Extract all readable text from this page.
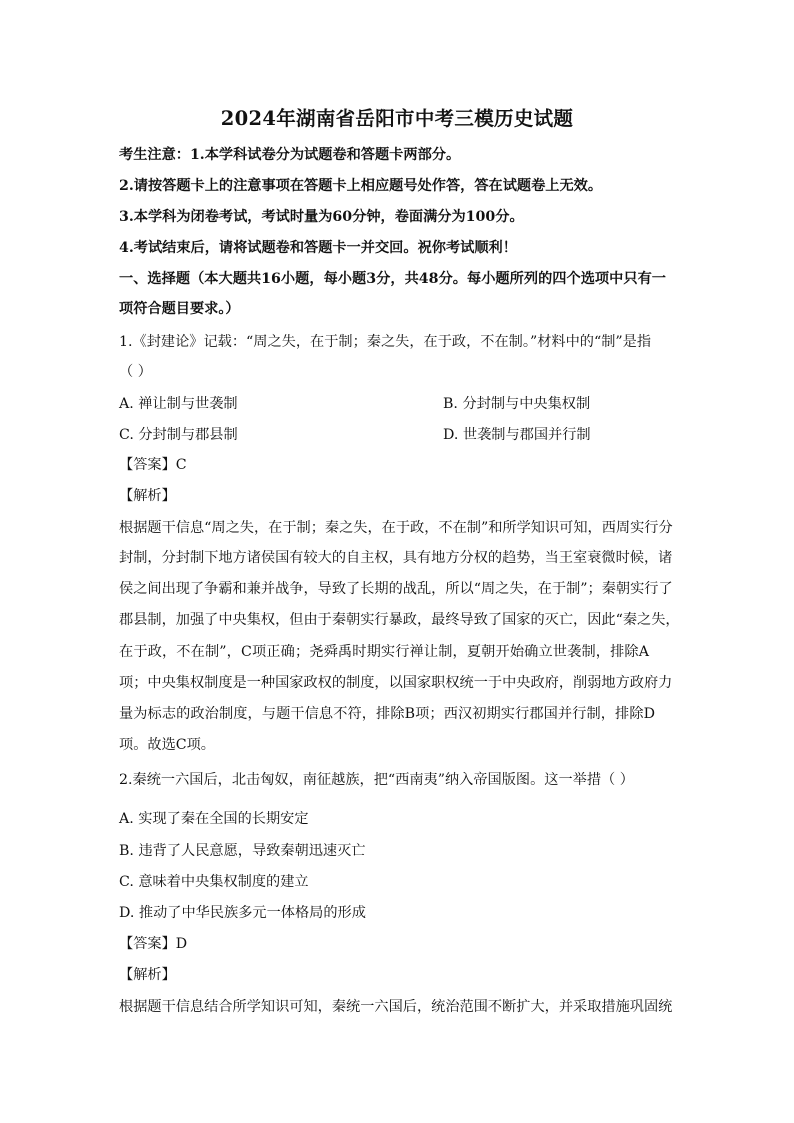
2024年湖南省岳阳市中考三模历史试题
考生注意：1.本学科试卷分为试题卷和答题卡两部分。
2.请按答题卡上的注意事项在答题卡上相应题号处作答，答在试题卷上无效。
3.本学科为闭卷考试，考试时量为60分钟，卷面满分为100分。
4.考试结束后，请将试题卷和答题卡一并交回。祝你考试顺利！
一、选择题（本大题共16小题，每小题3分，共48分。每小题所列的四个选项中只有一
项符合题目要求。）
1.《封建论》记载：“周之失，在于制；秦之失，在于政，不在制。”材料中的“制”是指
（ ）
A. 禅让制与世袭制	B. 分封制与中央集权制
C. 分封制与郡县制	D. 世袭制与郡国并行制
【答案】C
【解析】
根据题干信息“周之失，在于制；秦之失，在于政，不在制”和所学知识可知，西周实行分
封制，分封制下地方诸侯国有较大的自主权，具有地方分权的趋势，当王室衰微时候，诸
侯之间出现了争霸和兼并战争，导致了长期的战乱，所以“周之失，在于制”；秦朝实行了
郡县制，加强了中央集权，但由于秦朝实行暴政，最终导致了国家的灭亡，因此“秦之失，
在于政，不在制”，C项正确；尧舜禹时期实行禅让制，夏朝开始确立世袭制，排除A
项；中央集权制度是一种国家政权的制度，以国家职权统一于中央政府，削弱地方政府力
量为标志的政治制度，与题干信息不符，排除B项；西汉初期实行郡国并行制，排除D
项。故选C项。
2.秦统一六国后，北击匈奴，南征越族，把“西南夷”纳入帝国版图。这一举措（ ）
A. 实现了秦在全国的长期安定
B. 违背了人民意愿，导致秦朝迅速灭亡
C. 意味着中央集权制度的建立
D. 推动了中华民族多元一体格局的形成
【答案】D
【解析】
根据题干信息结合所学知识可知，秦统一六国后，统治范围不断扩大，并采取措施巩固统
